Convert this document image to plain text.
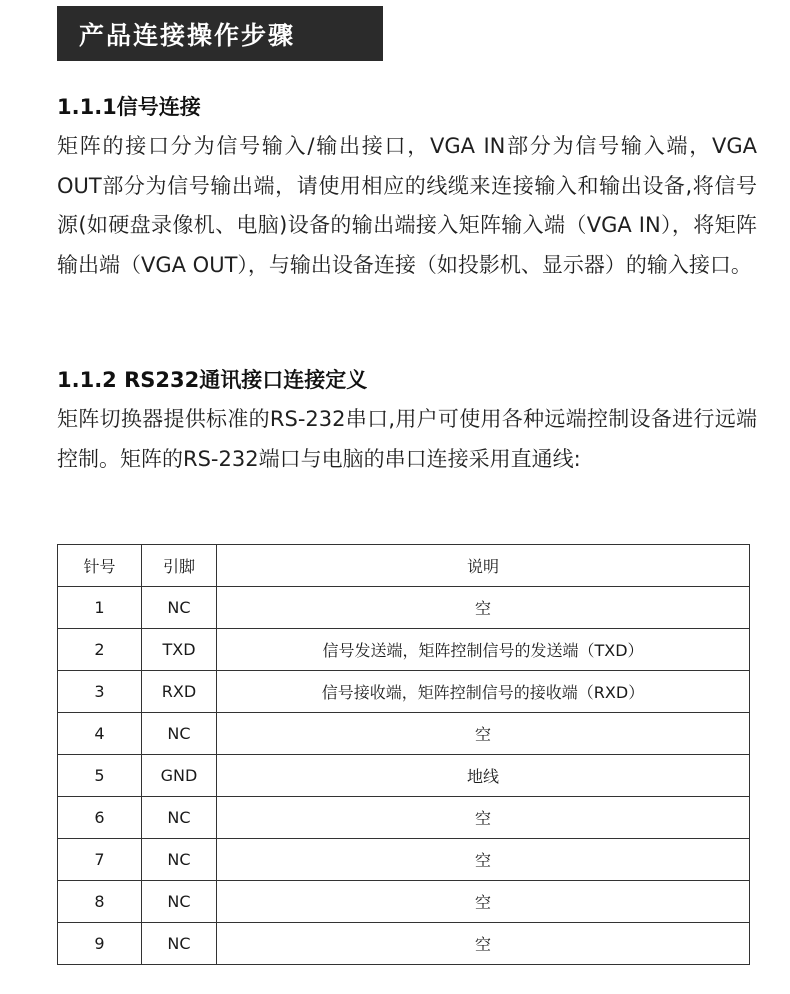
产品连接操作步骤
1.1.1信号连接

矩阵的接口分为信号输入/输出接口，VGA IN部分为信号输入端，VGA OUT部分为信号输出端，请使用相应的线缆来连接输入和输出设备,将信号源(如硬盘录像机、电脑)设备的输出端接入矩阵输入端（VGA IN），将矩阵输出端（VGA OUT），与输出设备连接（如投影机、显示器）的输入接口。

1.1.2 RS232通讯接口连接定义

矩阵切换器提供标准的RS-232串口,用户可使用各种远端控制设备进行远端控制。矩阵的RS-232端口与电脑的串口连接采用直通线:

针号	引脚	说明
1	NC	空
2	TXD	信号发送端，矩阵控制信号的发送端（TXD）
3	RXD	信号接收端，矩阵控制信号的接收端（RXD）
4	NC	空
5	GND	地线
6	NC	空
7	NC	空
8	NC	空
9	NC	空
